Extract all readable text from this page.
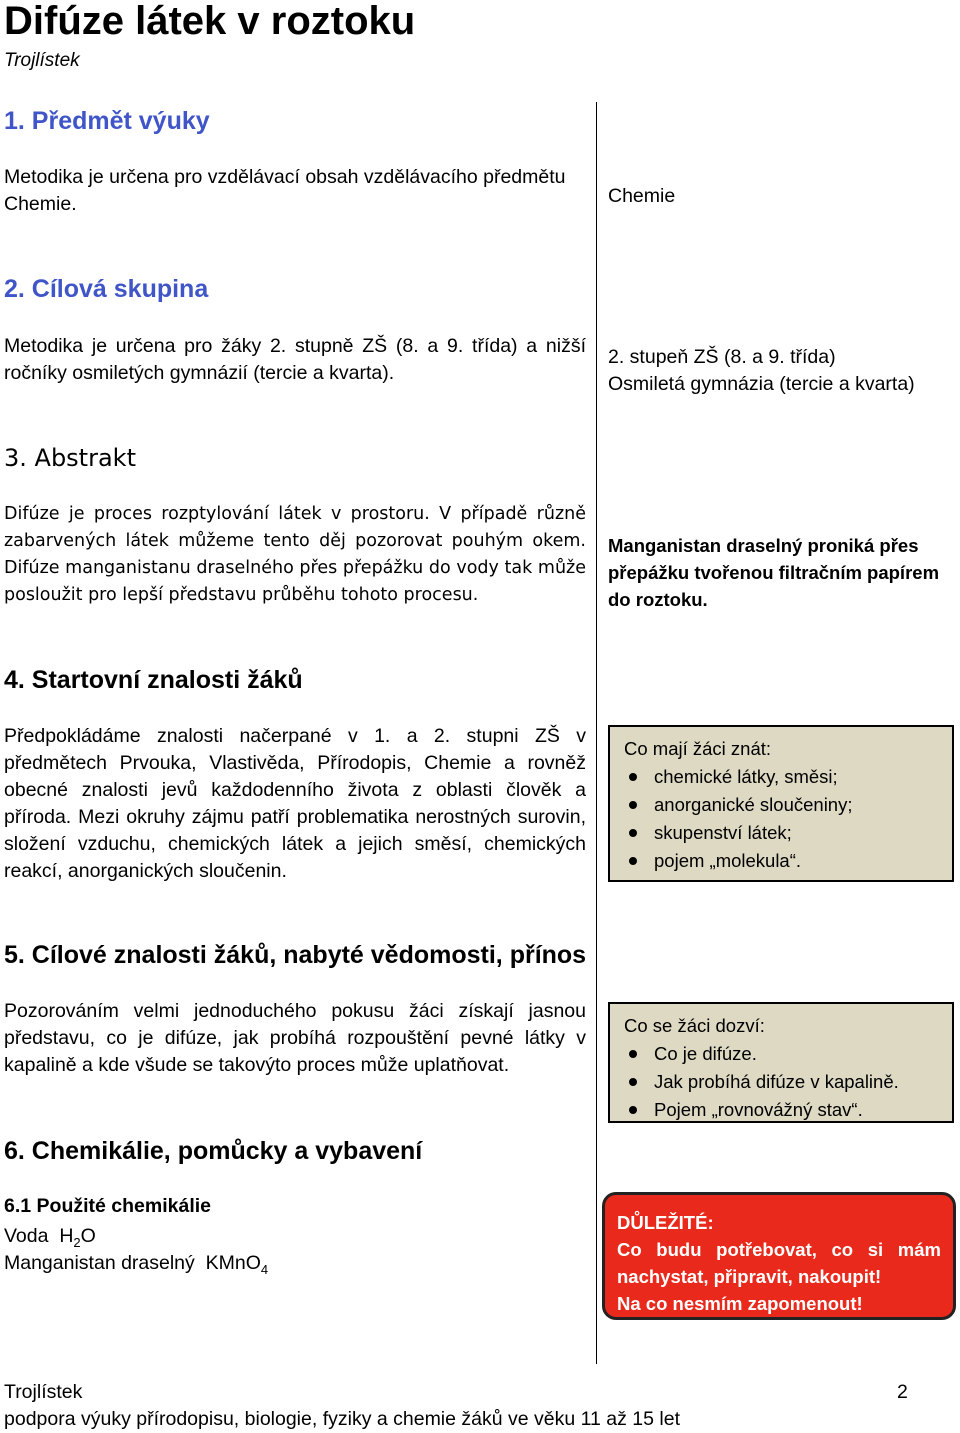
Difúze látek v roztoku
Trojlístek
1. Předmět výuky
Metodika je určena pro vzdělávací obsah vzdělávacího předmětu Chemie.	Chemie
2. Cílová skupina
Metodika je určena pro žáky 2. stupně ZŠ (8. a 9. třída) a nižší ročníky osmiletých gymnázií (tercie a kvarta).
2. stupeň ZŠ (8. a 9. třída)
Osmiletá gymnázia (tercie a kvarta)
3. Abstrakt
Difúze je proces rozptylování látek v prostoru. V případě různě zabarvených látek můžeme tento děj pozorovat pouhým okem. Difúze manganistanu draselného přes přepážku do vody tak může posloužit pro lepší představu průběhu tohoto procesu.
Manganistan draselný proniká přes přepážku tvořenou filtračním papírem do roztoku.
4. Startovní znalosti žáků
Předpokládáme znalosti načerpané v 1. a 2. stupni ZŠ v předmětech Prvouka, Vlastivěda, Přírodopis, Chemie a rovněž obecné znalosti jevů každodenního života z oblasti člověk a příroda. Mezi okruhy zájmu patří problematika nerostných surovin, složení vzduchu, chemických látek a jejich směsí, chemických reakcí, anorganických sloučenin.
Co mají žáci znát:
chemické látky, směsi;
anorganické sloučeniny;
skupenství látek;
pojem „molekula“.
5. Cílové znalosti žáků, nabyté vědomosti, přínos
Pozorováním velmi jednoduchého pokusu žáci získají jasnou představu, co je difúze, jak probíhá rozpouštění pevné látky v kapalině a kde všude se takovýto proces může uplatňovat.
Co se žáci dozví:
Co je difúze.
Jak probíhá difúze v kapalině.
Pojem „rovnovážný stav“.
6. Chemikálie, pomůcky a vybavení
6.1 Použité chemikálie
Voda $H_2O$
Manganistan draselný KMnO$_4$
DŮLEŽITÉ:
Co budu potřebovat, co si mám nachystat, připravit, nakoupit!
Na co nesmím zapomenout!
Trojlístek	2
podpora výuky přírodopisu, biologie, fyziky a chemie žáků ve věku 11 až 15 let
